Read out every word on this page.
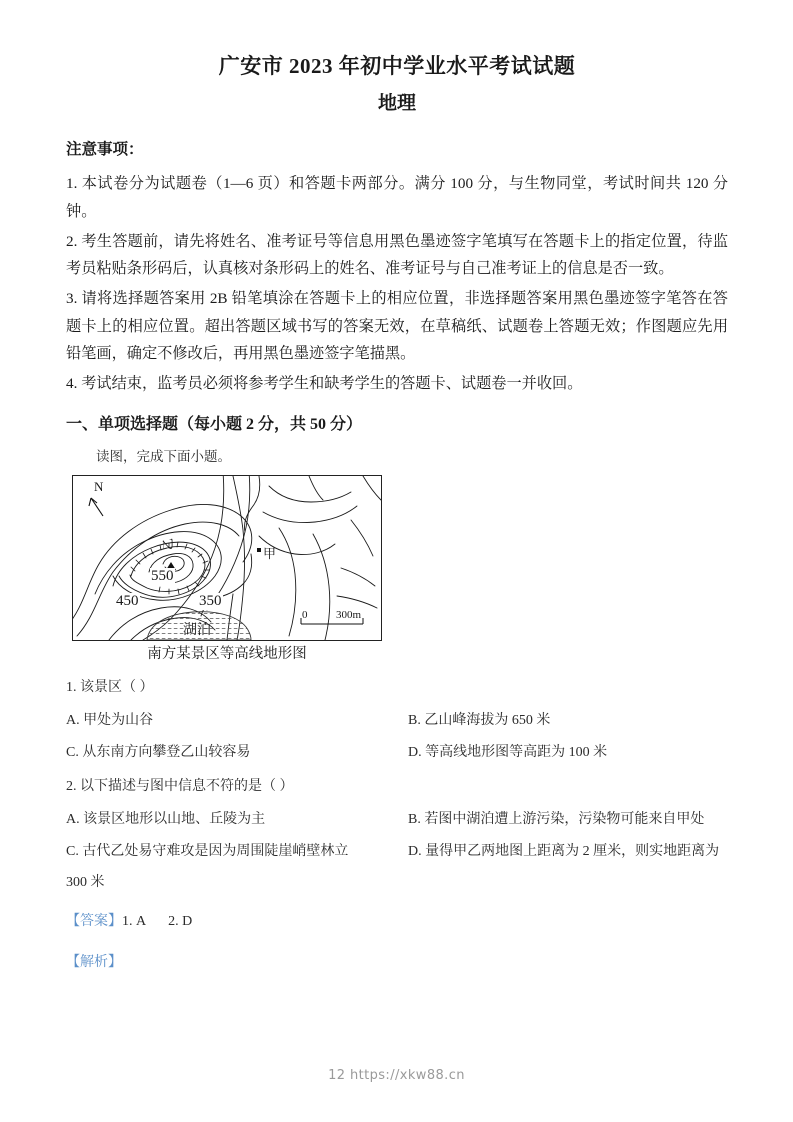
广安市 2023 年初中学业水平考试试题
地理

注意事项：

1. 本试卷分为试题卷（1—6 页）和答题卡两部分。满分 100 分，与生物同堂，考试时间共 120 分钟。

2. 考生答题前，请先将姓名、准考证号等信息用黑色墨迹签字笔填写在答题卡上的指定位置，待监考员粘贴条形码后，认真核对条形码上的姓名、准考证号与自己准考证上的信息是否一致。

3. 请将选择题答案用 2B 铅笔填涂在答题卡上的相应位置，非选择题答案用黑色墨迹签字笔答在答题卡上的相应位置。超出答题区域书写的答案无效，在草稿纸、试题卷上答题无效；作图题应先用铅笔画，确定不修改后，再用黑色墨迹签字笔描黑。

4. 考试结束，监考员必须将参考学生和缺考学生的答题卡、试题卷一并收回。

一、单项选择题（每小题 2 分，共 50 分）

读图，完成下面小题。

N
乙
550
450	350
甲
湖泊
0	300m
南方某景区等高线地形图

1. 该景区（ ）

A. 甲处为山谷	B. 乙山峰海拔为 650 米
C. 从东南方向攀登乙山较容易	D. 等高线地形图等高距为 100 米

2. 以下描述与图中信息不符的是（ ）

A. 该景区地形以山地、丘陵为主	B. 若图中湖泊遭上游污染，污染物可能来自甲处
C. 古代乙处易守难攻是因为周围陡崖峭壁林立	D. 量得甲乙两地图上距离为 2 厘米，则实地距离为
300 米

【答案】1. A 2. D

【解析】

12 https://xkw88.cn
